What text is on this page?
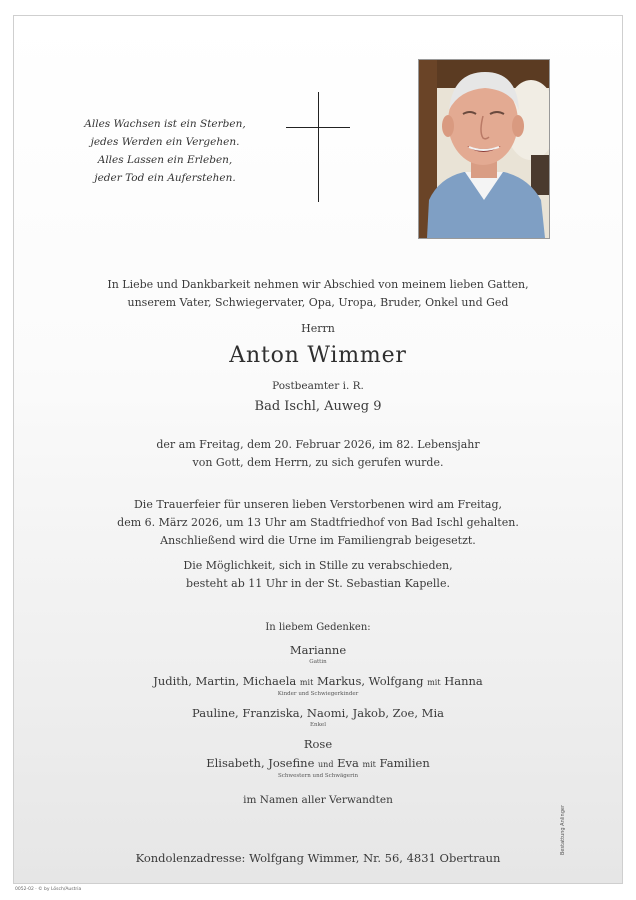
Alles Wachsen ist ein Sterben,
jedes Werden ein Vergehen.
Alles Lassen ein Erleben,
jeder Tod ein Auferstehen.
In Liebe und Dankbarkeit nehmen wir Abschied von meinem lieben Gatten,
unserem Vater, Schwiegervater, Opa, Uropa, Bruder, Onkel und Ged
Herrn
Anton Wimmer
Postbeamter i. R.
Bad Ischl, Auweg 9
der am Freitag, dem 20. Februar 2026, im 82. Lebensjahr
von Gott, dem Herrn, zu sich gerufen wurde.
Die Trauerfeier für unseren lieben Verstorbenen wird am Freitag,
dem 6. März 2026, um 13 Uhr am Stadtfriedhof von Bad Ischl gehalten.
Anschließend wird die Urne im Familiengrab beigesetzt.
Die Möglichkeit, sich in Stille zu verabschieden,
besteht ab 11 Uhr in der St. Sebastian Kapelle.
In liebem Gedenken:
Marianne
Gattin
Judith, Martin, Michaela mit Markus, Wolfgang mit Hanna
Kinder und Schwiegerkinder
Pauline, Franziska, Naomi, Jakob, Zoe, Mia
Enkel
Rose
Elisabeth, Josefine und Eva mit Familien
Schwestern und Schwägerin
im Namen aller Verwandten
Kondolenzadresse: Wolfgang Wimmer, Nr. 56, 4831 Obertraun
0052-02 · © by Lösch/Austria
Bestattung Anlinger
